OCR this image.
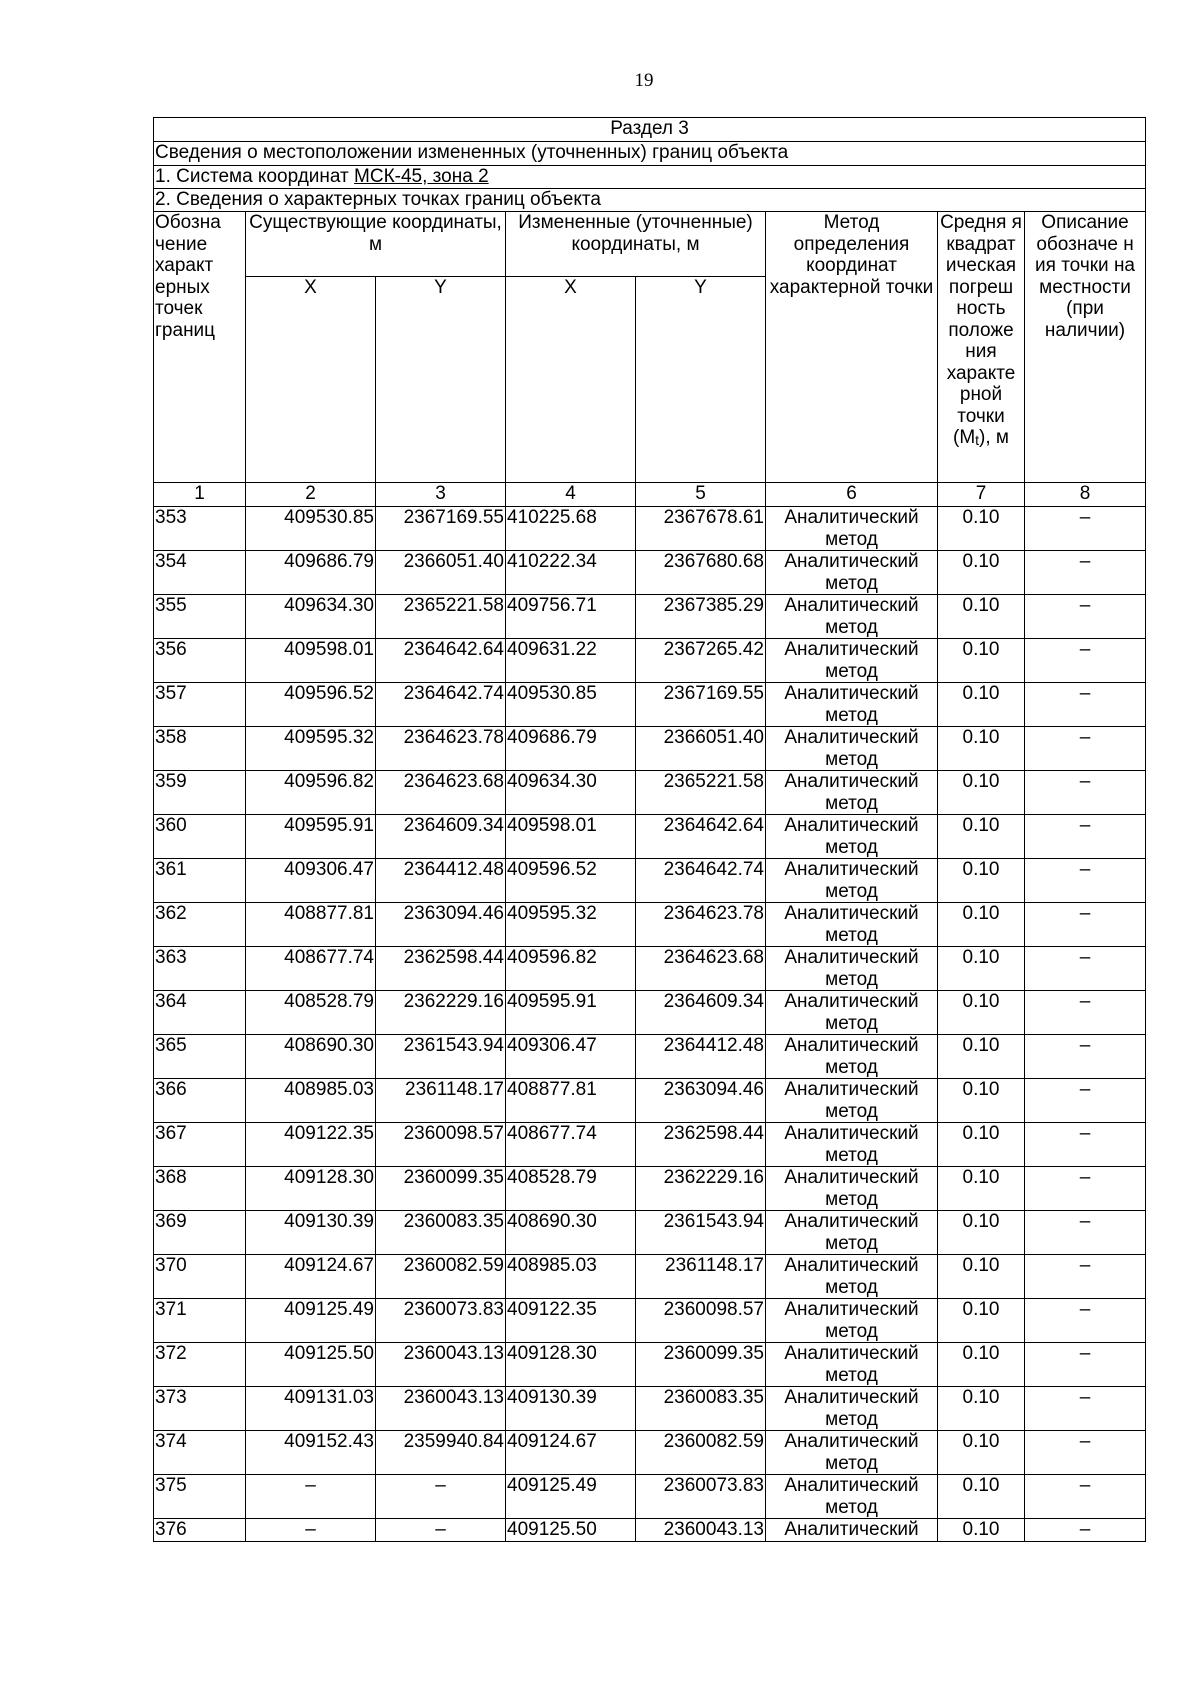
19
Раздел 3							
Сведения о местоположении измененных (уточненных) границ объекта							
1. Система координат МСК-45, зона 2							
2. Сведения о характерных точках границ объекта							
Обозна чение характ ерных точек границ	Существующие координаты, м		Измененные (уточненные) координаты, м		Метод определения координат характерной точки	Средня я квадрат ическая погреш ность положе ния характе рной точки (Mt), м	Описание обозначе н ия точки на местности (при наличии)
	X	Y	X	Y			
1	2	3	4	5	6	7	8
353	409530.85	2367169.55	410225.68	2367678.61	Аналитический метод	0.10	–
354	409686.79	2366051.40	410222.34	2367680.68	Аналитический метод	0.10	–
355	409634.30	2365221.58	409756.71	2367385.29	Аналитический метод	0.10	–
356	409598.01	2364642.64	409631.22	2367265.42	Аналитический метод	0.10	–
357	409596.52	2364642.74	409530.85	2367169.55	Аналитический метод	0.10	–
358	409595.32	2364623.78	409686.79	2366051.40	Аналитический метод	0.10	–
359	409596.82	2364623.68	409634.30	2365221.58	Аналитический метод	0.10	–
360	409595.91	2364609.34	409598.01	2364642.64	Аналитический метод	0.10	–
361	409306.47	2364412.48	409596.52	2364642.74	Аналитический метод	0.10	–
362	408877.81	2363094.46	409595.32	2364623.78	Аналитический метод	0.10	–
363	408677.74	2362598.44	409596.82	2364623.68	Аналитический метод	0.10	–
364	408528.79	2362229.16	409595.91	2364609.34	Аналитический метод	0.10	–
365	408690.30	2361543.94	409306.47	2364412.48	Аналитический метод	0.10	–
366	408985.03	2361148.17	408877.81	2363094.46	Аналитический метод	0.10	–
367	409122.35	2360098.57	408677.74	2362598.44	Аналитический метод	0.10	–
368	409128.30	2360099.35	408528.79	2362229.16	Аналитический метод	0.10	–
369	409130.39	2360083.35	408690.30	2361543.94	Аналитический метод	0.10	–
370	409124.67	2360082.59	408985.03	2361148.17	Аналитический метод	0.10	–
371	409125.49	2360073.83	409122.35	2360098.57	Аналитический метод	0.10	–
372	409125.50	2360043.13	409128.30	2360099.35	Аналитический метод	0.10	–
373	409131.03	2360043.13	409130.39	2360083.35	Аналитический метод	0.10	–
374	409152.43	2359940.84	409124.67	2360082.59	Аналитический метод	0.10	–
375	–	–	409125.49	2360073.83	Аналитический метод	0.10	–
376	–	–	409125.50	2360043.13	Аналитический	0.10	–
